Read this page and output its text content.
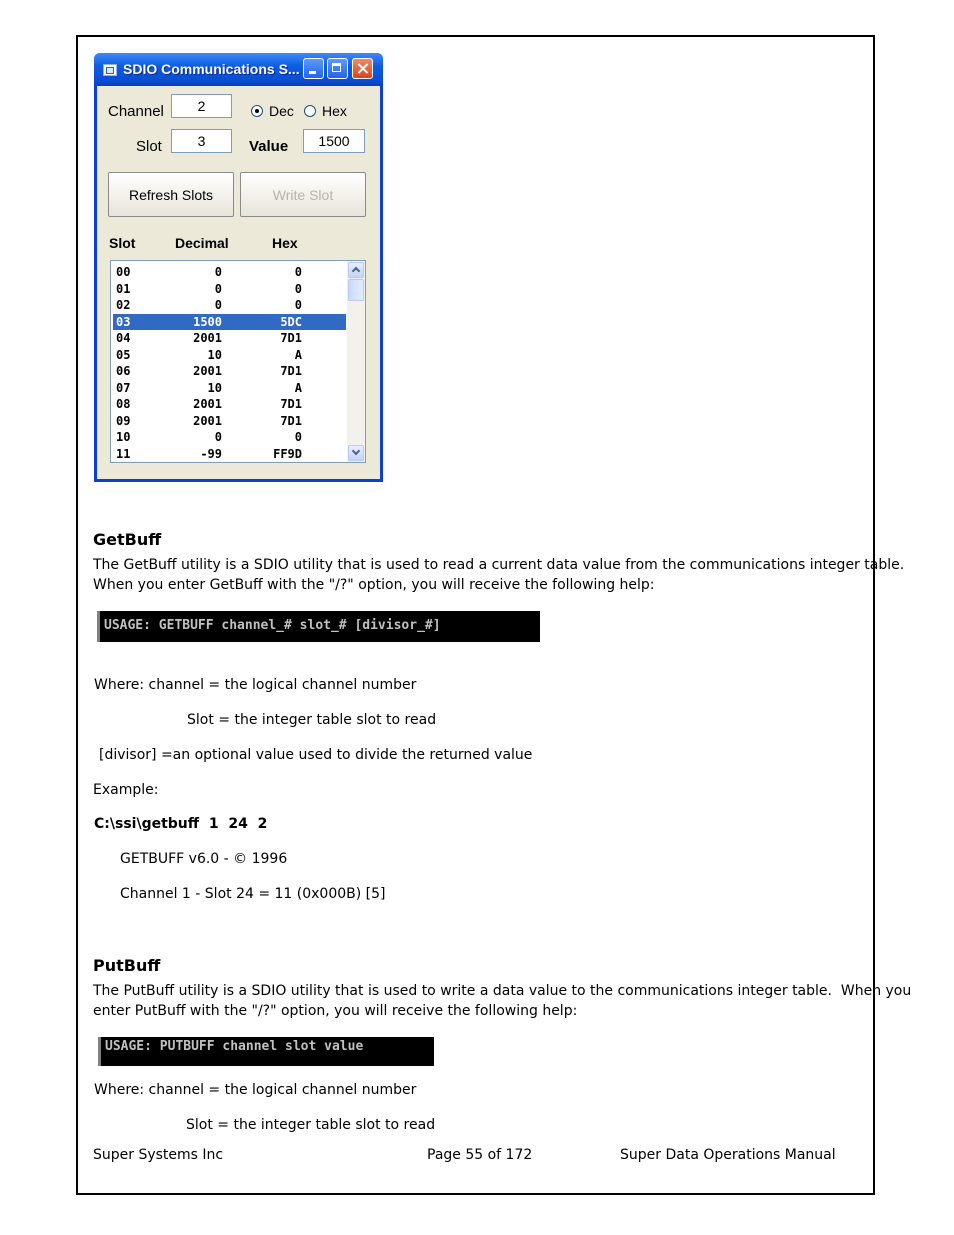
SDIO Communications S...
Channel	2
Slot	3
Dec Hex
Value	1500
Refresh Slots	Write Slot
Slot	Decimal	Hex
00	0	0
01	0	0
02	0	0
03	1500	5DC
04	2001	7D1
05	10	A
06	2001	7D1
07	10	A
08	2001	7D1
09	2001	7D1
10	0	0
11	-99	FF9D
GetBuff
The GetBuff utility is a SDIO utility that is used to read a current data value from the communications integer table.
When you enter GetBuff with the "/?" option, you will receive the following help:
USAGE: GETBUFF channel_# slot_# [divisor_#]
Where: channel = the logical channel number
Slot = the integer table slot to read
[divisor] =an optional value used to divide the returned value
Example:
C:\ssi\getbuff  1  24  2
GETBUFF v6.0 - © 1996
Channel 1 - Slot 24 = 11 (0x000B) [5]
PutBuff
The PutBuff utility is a SDIO utility that is used to write a data value to the communications integer table.  When you
enter PutBuff with the "/?" option, you will receive the following help:
USAGE: PUTBUFF channel slot value
Where: channel = the logical channel number
Slot = the integer table slot to read
Super Systems Inc	Page 55 of 172	Super Data Operations Manual
